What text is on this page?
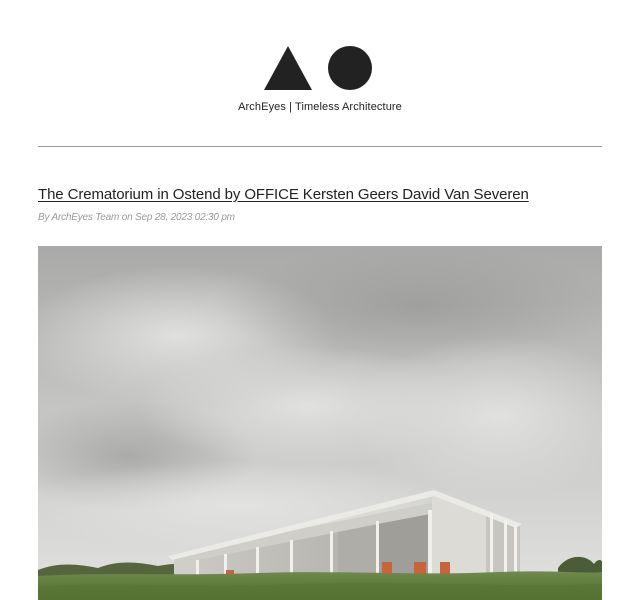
ArchEyes | Timeless Architecture
The Crematorium in Ostend by OFFICE Kersten Geers David Van Severen
By ArchEyes Team on Sep 28, 2023 02:30 pm
